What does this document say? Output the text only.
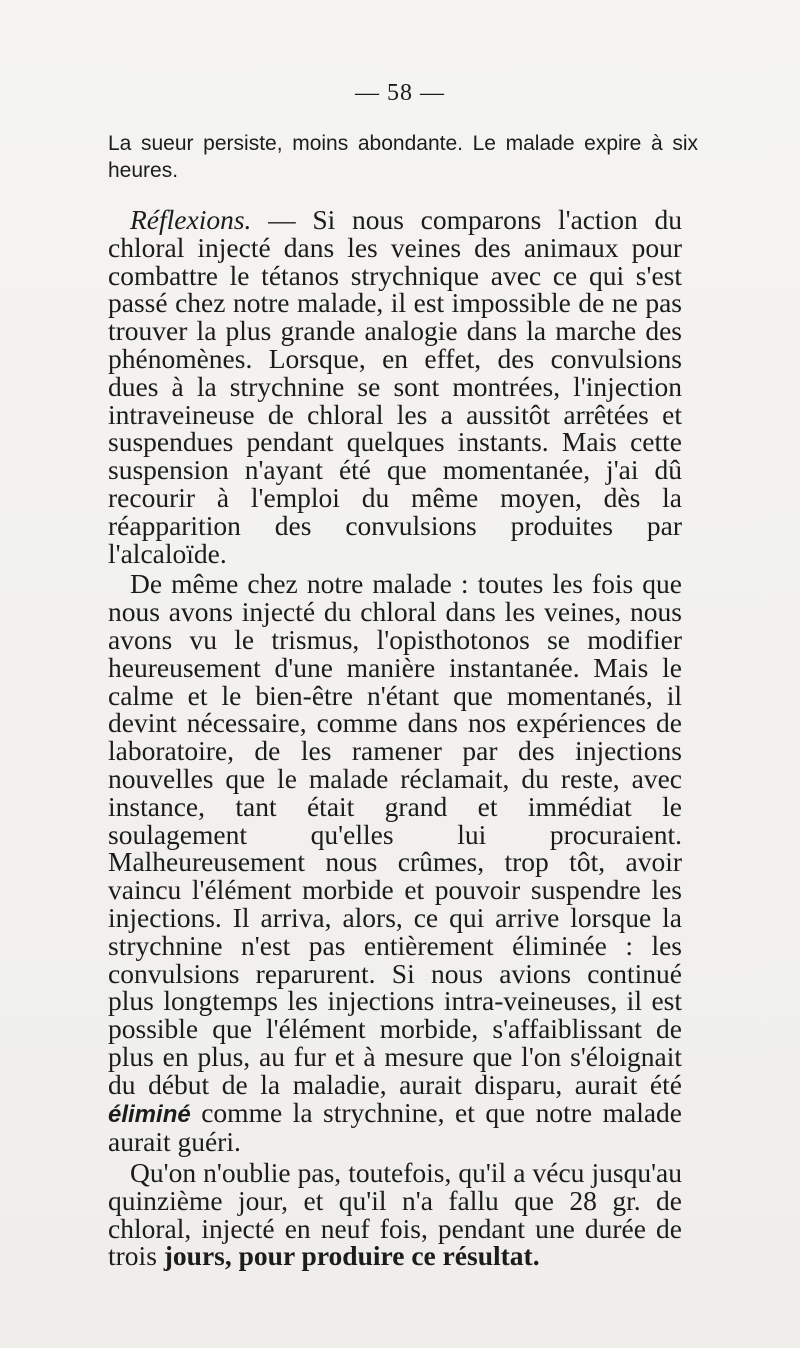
— 58 —
La sueur persiste, moins abondante. Le malade expire à six heures.

Réflexions. — Si nous comparons l'action du chloral injecté dans les veines des animaux pour combattre le tétanos strychnique avec ce qui s'est passé chez notre malade, il est impossible de ne pas trouver la plus grande analogie dans la marche des phénomènes. Lorsque, en effet, des convulsions dues à la strychnine se sont montrées, l'injection intraveineuse de chloral les a aussitôt arrêtées et suspendues pendant quelques instants. Mais cette suspension n'ayant été que momentanée, j'ai dû recourir à l'emploi du même moyen, dès la réapparition des convulsions produites par l'alcaloïde.

De même chez notre malade : toutes les fois que nous avons injecté du chloral dans les veines, nous avons vu le trismus, l'opisthotonos se modifier heureusement d'une manière instantanée. Mais le calme et le bien-être n'étant que momentanés, il devint nécessaire, comme dans nos expériences de laboratoire, de les ramener par des injections nouvelles que le malade réclamait, du reste, avec instance, tant était grand et immédiat le soulagement qu'elles lui procuraient. Malheureusement nous crûmes, trop tôt, avoir vaincu l'élément morbide et pouvoir suspendre les injections. Il arriva, alors, ce qui arrive lorsque la strychnine n'est pas entièrement éliminée : les convulsions reparurent. Si nous avions continué plus longtemps les injections intra-veineuses, il est possible que l'élément morbide, s'affaiblissant de plus en plus, au fur et à mesure que l'on s'éloignait du début de la maladie, aurait disparu, aurait été éliminé comme la strychnine, et que notre malade aurait guéri.

Qu'on n'oublie pas, toutefois, qu'il a vécu jusqu'au quinzième jour, et qu'il n'a fallu que 28 gr. de chloral, injecté en neuf fois, pendant une durée de trois jours, pour produire ce résultat.
